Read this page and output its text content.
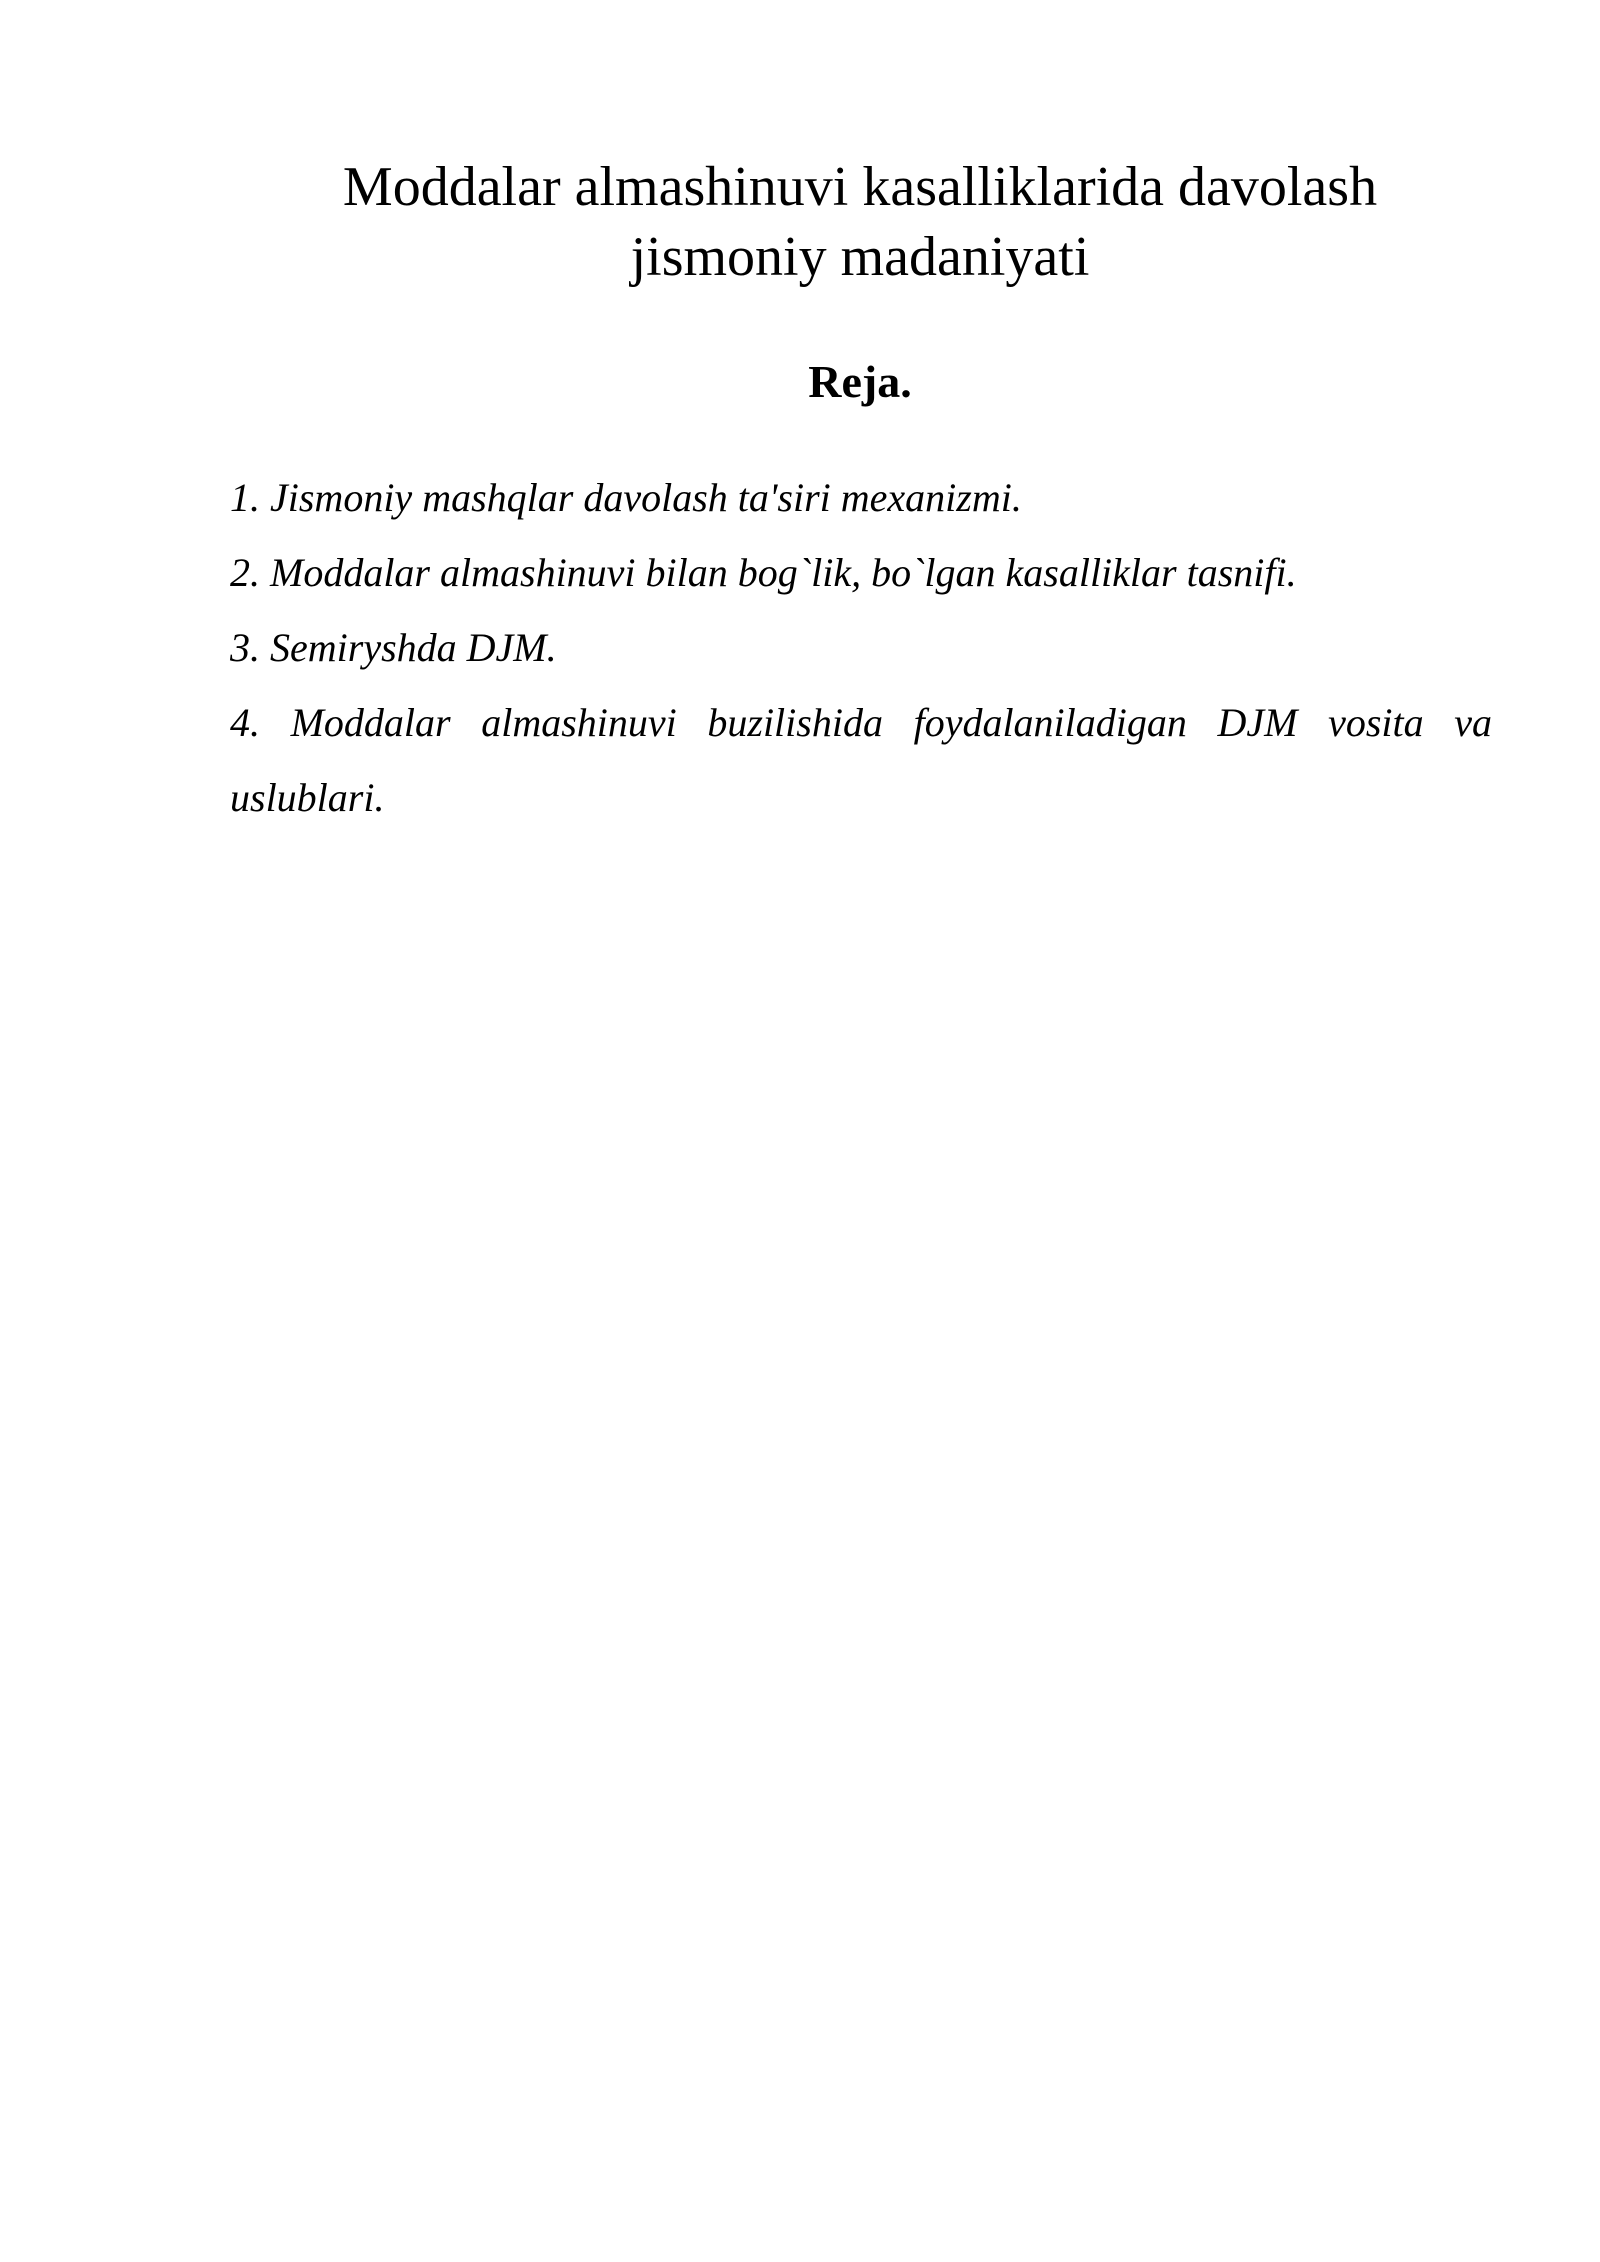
Moddalar almashinuvi kasalliklarida davolash
jismoniy madaniyati
Reja.
1. Jismoniy mashqlar davolash ta'siri mexanizmi.
2. Moddalar almashinuvi bilan bog`lik, bo`lgan kasalliklar tasnifi.
3. Semiryshda DJM.
4. Moddalar almashinuvi buzilishida foydalaniladigan DJM vosita va uslublari.
